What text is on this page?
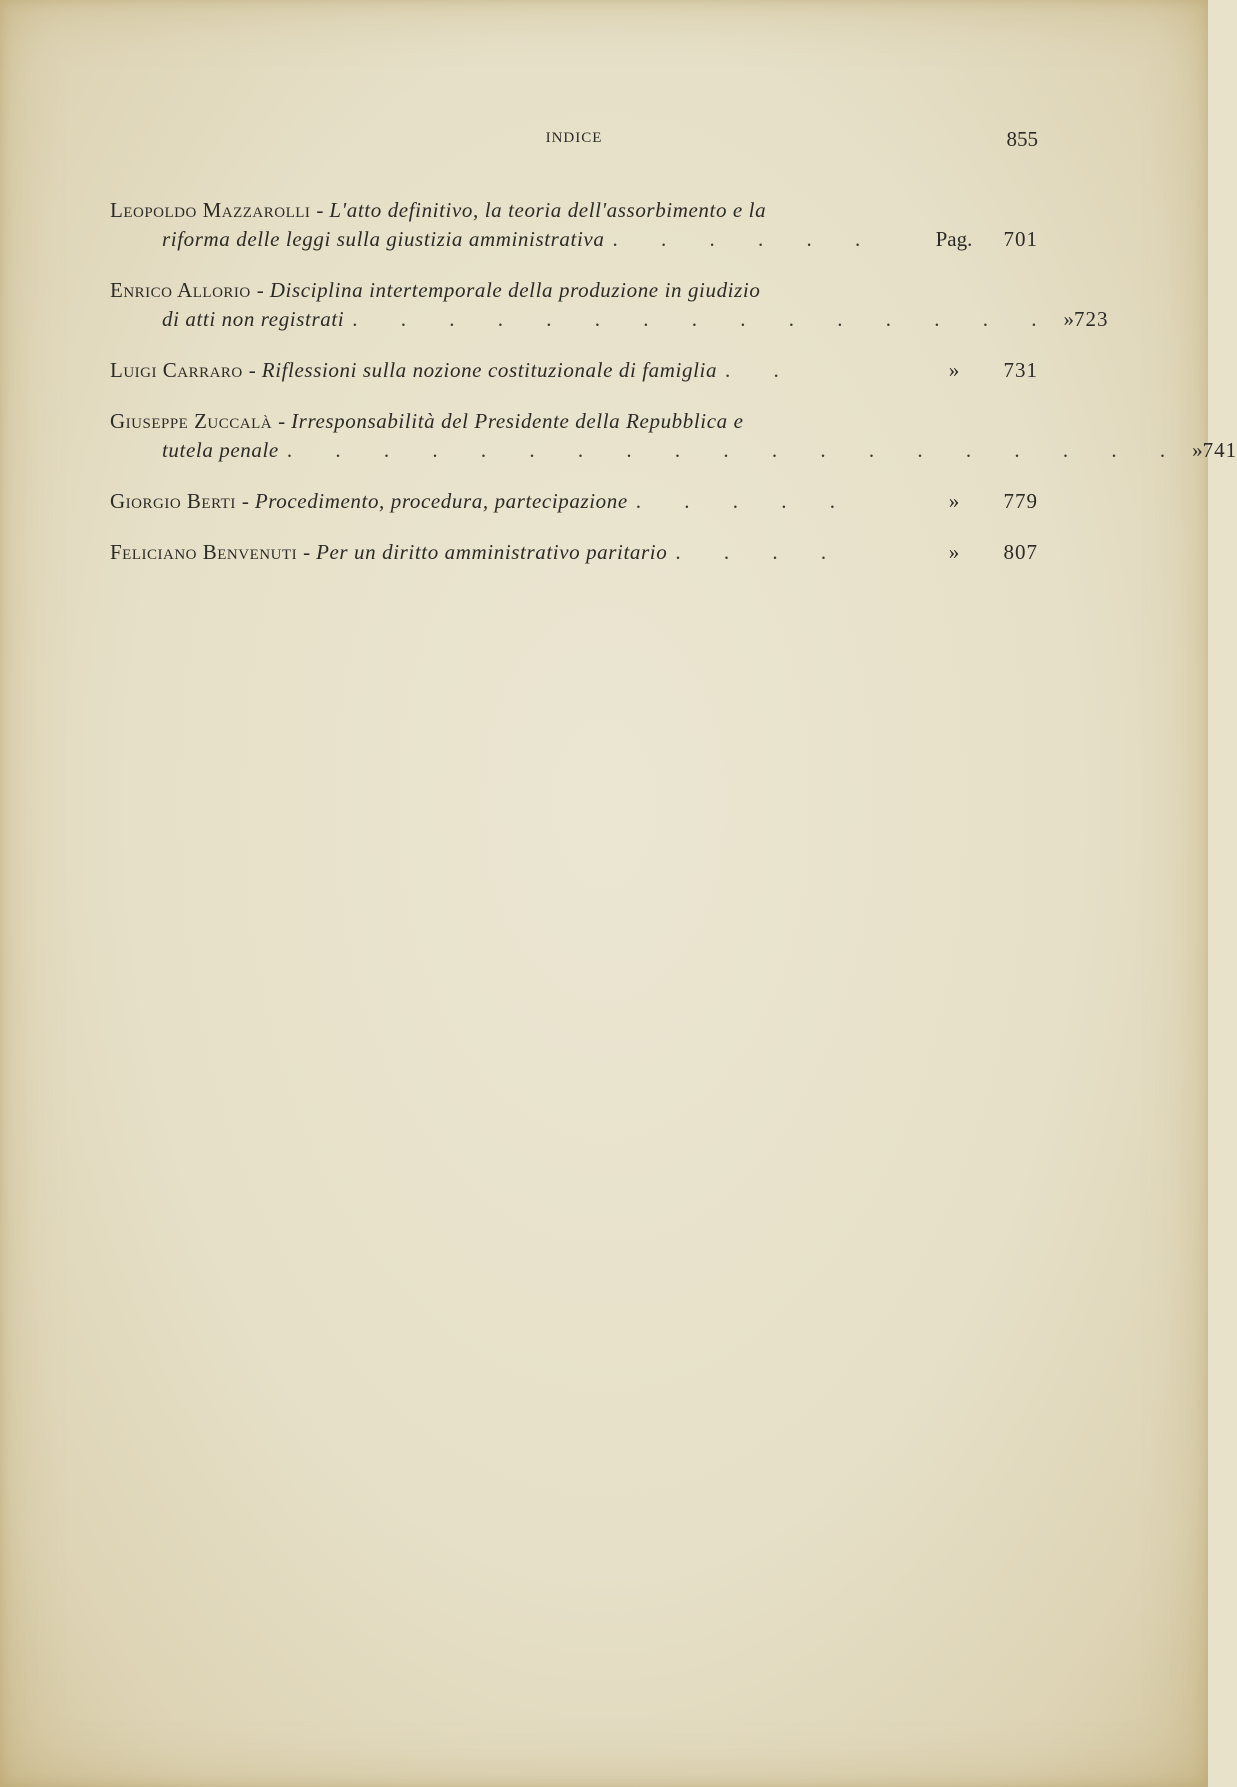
INDICE	855
Leopoldo Mazzarolli - L'atto definitivo, la teoria dell'assorbimento e la
riforma delle leggi sulla giustizia amministrativa . . . . . .	Pag.	701
Enrico Allorio - Disciplina intertemporale della produzione in giudizio
di atti non registrati . . . . . . . . . . . . . . . » 723
Luigi Carraro - Riflessioni sulla nozione costituzionale di famiglia . .	»	731
Giuseppe Zuccalà - Irresponsabilità del Presidente della Repubblica e
tutela penale . . . . . . . . . . . . . . . . . . . » 741
Giorgio Berti - Procedimento, procedura, partecipazione . . . . .	»	779
Feliciano Benvenuti - Per un diritto amministrativo paritario . . . .	»	807
